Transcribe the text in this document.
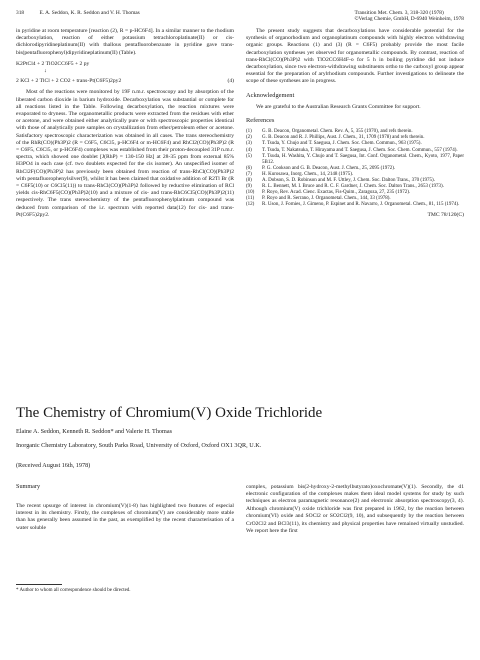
318	E. A. Seddon, K. R. Seddon and V. H. Thomas	Transition Met. Chem. 3, 318-320 (1978)
©Verlag Chemie, GmbH, D-6940 Weinheim, 1978

in pyridine at room temperature [reaction (2), R = p-HC6F4]. In a similar manner to the rhodium decarboxylation, reaction of either potassium tetrachloroplatinate(II) or cis-dichlorodipyridineplatinum(II) with thallous pentafluorobenzoate in pyridine gave trans-bis(pentafluorophenyl)dipyridineplatinum(II) (Table).

K2PtCl4 + 2 TlO2CC6F5 + 2 py
↓
2 KCl + 2 TlCl + 2 CO2 + trans-Pt(C6F5)2py2	(4)

Most of the reactions were monitored by 19F n.m.r. spectroscopy and by absorption of the liberated carbon dioxide in barium hydroxide. Decarboxylation was substantial or complete for all reactions listed in the Table. Following decarboxylation, the reaction mixtures were evaporated to dryness. The organometallic products were extracted from the residues with ether or acetone, and were obtained either analytically pure or with spectroscopic properties identical with those of analytically pure samples on crystallization from ether/petroleum ether or acetone. Satisfactory spectroscopic characterization was obtained in all cases. The trans stereochemistry of the RhR(CO)(Ph3P)2 (R = C6F5, C6Cl5, p-HC6F4 or m-HC6F4) and RhCl2(CO)(Ph3P)2 (R = C6F5, C6Cl5, or p-HC6F4) complexes was established from their proton-decoupled 31P n.m.r. spectra, which showed one doublet [J(RhP) = 130-150 Hz] at 28-35 ppm from external 85% H3PO4 in each case (cf. two doublets expected for the cis isomer). An unspecified isomer of RhCl2F(CO)(Ph3P)2 has previously been obtained from reaction of trans-RhCl(CO)(Ph3P)2 with pentafluorophenylsilver(9), whilst it has been claimed that oxidative addition of R2Tl Br (R = C6F5(10) or C6Cl5(11)) to trans-RhCl(CO)(Ph3P)2 followed by reductive elimination of RCl yields cis-RhC6F5(CO)(Ph3P)2(10) and a mixture of cis- and trans-RhC6Cl5(CO)(Ph3P)2(11) respectively. The trans stereochemistry of the pentafluorophenylplatinum compound was deduced from comparison of the i.r. spectrum with reported data(12) for cis- and trans-Pt(C6F5)2py2.

The present study suggests that decarboxylations have considerable potential for the synthesis of organorhodium and organoplatinum compounds with highly electron withdrawing organic groups. Reactions (1) and (3) (R = C6F5) probably provide the most facile decarboxylation syntheses yet observed for organometallic compounds. By contrast, reaction of trans-RhCl(CO)(Ph3P)2 with TlO2CC6H4F-o for 5 h in boiling pyridine did not induce decarboxylation, since two electron-withdrawing substituents ortho to the carboxyl group appear essential for the preparation of arylrhodium compounds. Further investigations to delineate the scope of these syntheses are in progress.

Acknowledgement

We are grateful to the Australian Research Grants Committee for support.

References
(1)	G. B. Deacon, Organometal. Chem. Rev. A, 5, 355 (1970), and refs therein.
(2)	G. B. Deacon and R. J. Phillips, Aust. J. Chem., 31, 1709 (1978) and refs therein.
(3)	T. Tsuda, Y. Chujo and T. Saegusa, J. Chem. Soc. Chem. Commun., 963 (1975).
(4)	T. Tsuda, T. Nakatsuka, T. Hirayama and T. Saegusa, J. Chem. Soc. Chem. Commun., 557 (1974).
(5)	T. Tsuda, H. Washita, Y. Chujo and T. Saegusa, Int. Conf. Organometal. Chem., Kyoto, 1977, Paper 5B12.
(6)	P. G. Cookson and G. B. Deacon, Aust. J. Chem., 25, 2095 (1972).
(7)	H. Kurosawa, Inorg. Chem., 14, 2148 (1975).
(8)	A. Dobson, S. D. Robinson and M. F. Uttley, J. Chem. Soc. Dalton Trans., 370 (1975).
(9)	R. L. Bennett, M. I. Bruce and R. C. F. Gardner, J. Chem. Soc. Dalton Trans., 2653 (1973).
(10)	P. Royo, Rev. Acad. Cienc. Exactas, Fis-Quim., Zaragoza, 27, 235 (1972).
(11)	P. Royo and R. Serrano, J. Organometal. Chem., 144, 33 (1978).
(12)	R. Uson, J. Fornies, J. Gimeno, P. Espinet and R. Navarro, J. Organometal. Chem., 81, 115 (1974).
TMC 78/120(C)
The Chemistry of Chromium(V) Oxide Trichloride
Elaine A. Seddon, Kenneth R. Seddon* and Valerie H. Thomas
Inorganic Chemistry Laboratory, South Parks Road, University of Oxford, Oxford OX1 3QR, U.K.
(Received August 16th, 1978)
Summary

The recent upsurge of interest in chromium(V)(1-8) has highlighted two features of especial interest in its chemistry. Firstly, the complexes of chromium(V) are considerably more stable than has generally been assumed in the past, as exemplified by the recent characterisation of a water soluble

complex, potassium bis(2-hydroxy-2-methylbutyrato)oxochromate(V)(1). Secondly, the d1 electronic configuration of the complexes makes them ideal model systems for study by such techniques as electron paramagnetic resonance(2) and electronic absorption spectroscopy(3, 4). Although chromium(V) oxide trichloride was first prepared in 1962, by the reaction between chromium(VI) oxide and SOCl2 or SO2Cl2(9, 10), and subsequently by the reaction between CrO2Cl2 and BCl3(11), its chemistry and physical properties have remained virtually unstudied. We report here the first

* Author to whom all correspondence should be directed.
